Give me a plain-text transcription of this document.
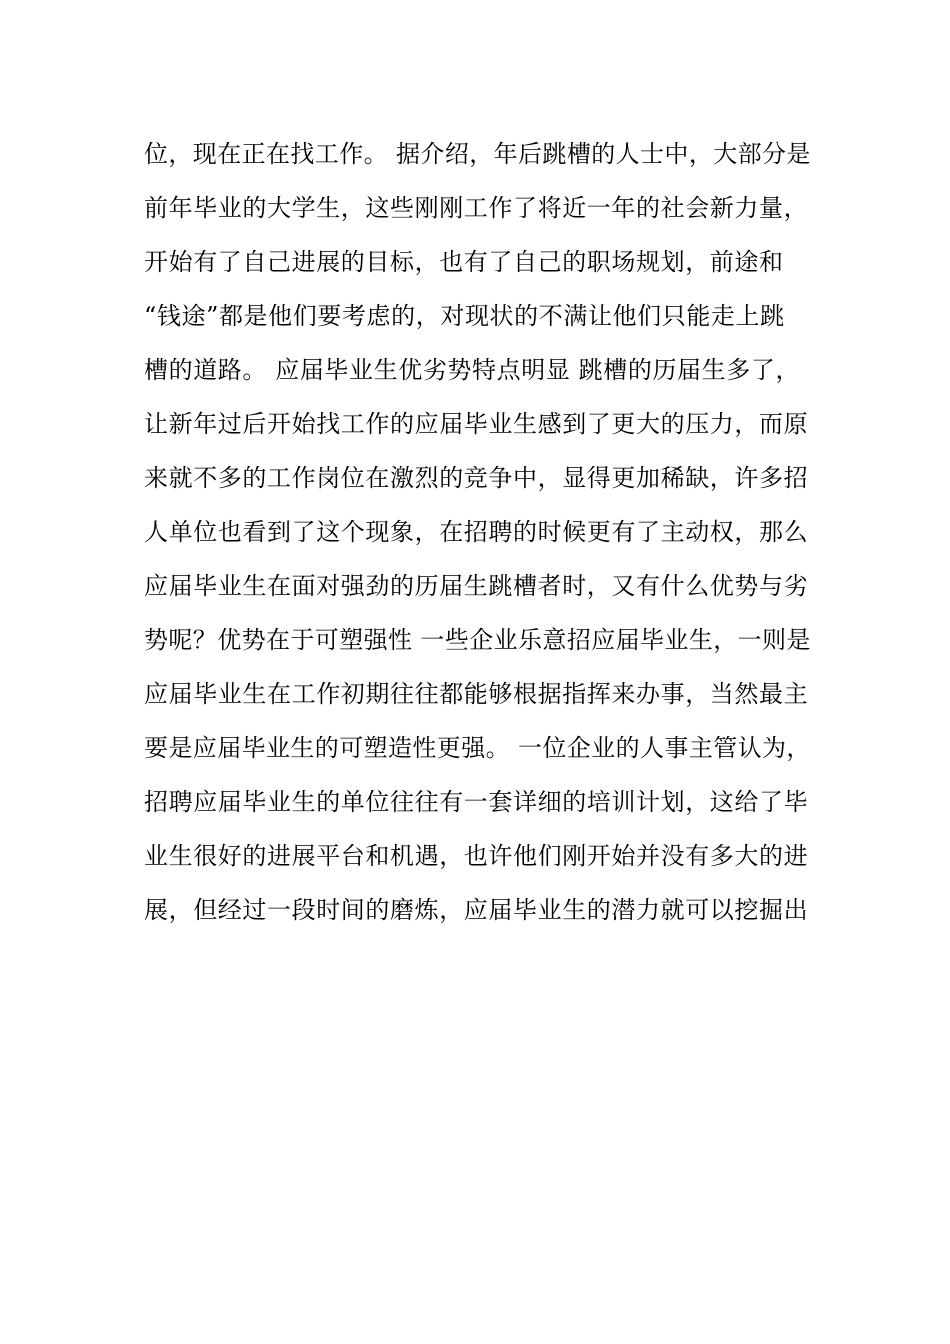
位，现在正在找工作。 据介绍，年后跳槽的人士中，大部分是
前年毕业的大学生，这些刚刚工作了将近一年的社会新力量，
开始有了自己进展的目标，也有了自己的职场规划，前途和
“钱途”都是他们要考虑的，对现状的不满让他们只能走上跳
槽的道路。 应届毕业生优劣势特点明显 跳槽的历届生多了，
让新年过后开始找工作的应届毕业生感到了更大的压力，而原
来就不多的工作岗位在激烈的竞争中，显得更加稀缺，许多招
人单位也看到了这个现象，在招聘的时候更有了主动权，那么
应届毕业生在面对强劲的历届生跳槽者时，又有什么优势与劣
势呢？优势在于可塑强性 一些企业乐意招应届毕业生，一则是
应届毕业生在工作初期往往都能够根据指挥来办事，当然最主
要是应届毕业生的可塑造性更强。 一位企业的人事主管认为，
招聘应届毕业生的单位往往有一套详细的培训计划，这给了毕
业生很好的进展平台和机遇，也许他们刚开始并没有多大的进
展，但经过一段时间的磨炼，应届毕业生的潜力就可以挖掘出
